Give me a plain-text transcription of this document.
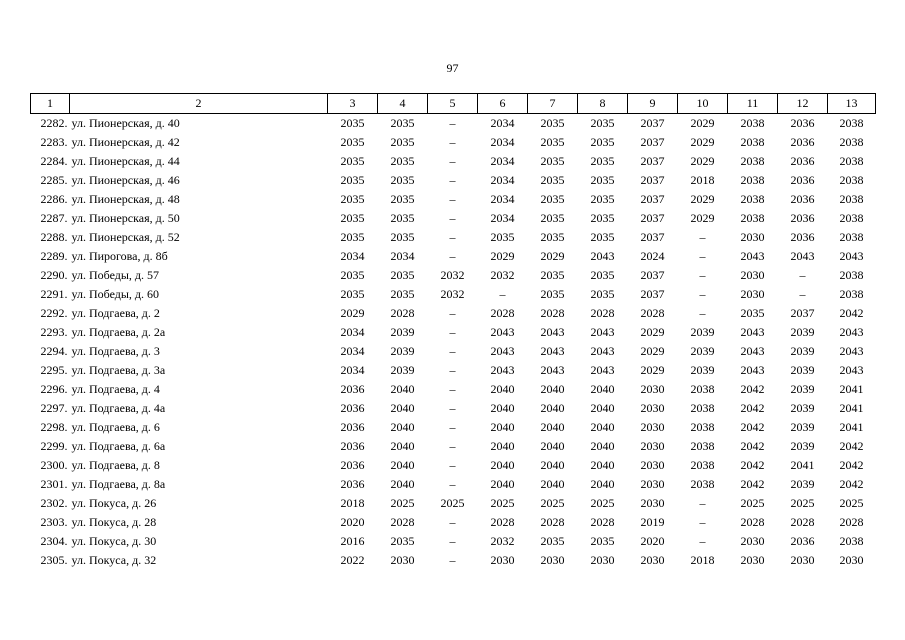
97
1	2	3	4	5	6	7	8	9	10	11	12	13
2282.	ул. Пионерская, д. 40	2035	2035	–	2034	2035	2035	2037	2029	2038	2036	2038
2283.	ул. Пионерская, д. 42	2035	2035	–	2034	2035	2035	2037	2029	2038	2036	2038
2284.	ул. Пионерская, д. 44	2035	2035	–	2034	2035	2035	2037	2029	2038	2036	2038
2285.	ул. Пионерская, д. 46	2035	2035	–	2034	2035	2035	2037	2018	2038	2036	2038
2286.	ул. Пионерская, д. 48	2035	2035	–	2034	2035	2035	2037	2029	2038	2036	2038
2287.	ул. Пионерская, д. 50	2035	2035	–	2034	2035	2035	2037	2029	2038	2036	2038
2288.	ул. Пионерская, д. 52	2035	2035	–	2035	2035	2035	2037	–	2030	2036	2038
2289.	ул. Пирогова, д. 8б	2034	2034	–	2029	2029	2043	2024	–	2043	2043	2043
2290.	ул. Победы, д. 57	2035	2035	2032	2032	2035	2035	2037	–	2030	–	2038
2291.	ул. Победы, д. 60	2035	2035	2032	–	2035	2035	2037	–	2030	–	2038
2292.	ул. Подгаева, д. 2	2029	2028	–	2028	2028	2028	2028	–	2035	2037	2042
2293.	ул. Подгаева, д. 2а	2034	2039	–	2043	2043	2043	2029	2039	2043	2039	2043
2294.	ул. Подгаева, д. 3	2034	2039	–	2043	2043	2043	2029	2039	2043	2039	2043
2295.	ул. Подгаева, д. 3а	2034	2039	–	2043	2043	2043	2029	2039	2043	2039	2043
2296.	ул. Подгаева, д. 4	2036	2040	–	2040	2040	2040	2030	2038	2042	2039	2041
2297.	ул. Подгаева, д. 4а	2036	2040	–	2040	2040	2040	2030	2038	2042	2039	2041
2298.	ул. Подгаева, д. 6	2036	2040	–	2040	2040	2040	2030	2038	2042	2039	2041
2299.	ул. Подгаева, д. 6а	2036	2040	–	2040	2040	2040	2030	2038	2042	2039	2042
2300.	ул. Подгаева, д. 8	2036	2040	–	2040	2040	2040	2030	2038	2042	2041	2042
2301.	ул. Подгаева, д. 8а	2036	2040	–	2040	2040	2040	2030	2038	2042	2039	2042
2302.	ул. Покуса, д. 26	2018	2025	2025	2025	2025	2025	2030	–	2025	2025	2025
2303.	ул. Покуса, д. 28	2020	2028	–	2028	2028	2028	2019	–	2028	2028	2028
2304.	ул. Покуса, д. 30	2016	2035	–	2032	2035	2035	2020	–	2030	2036	2038
2305.	ул. Покуса, д. 32	2022	2030	–	2030	2030	2030	2030	2018	2030	2030	2030
